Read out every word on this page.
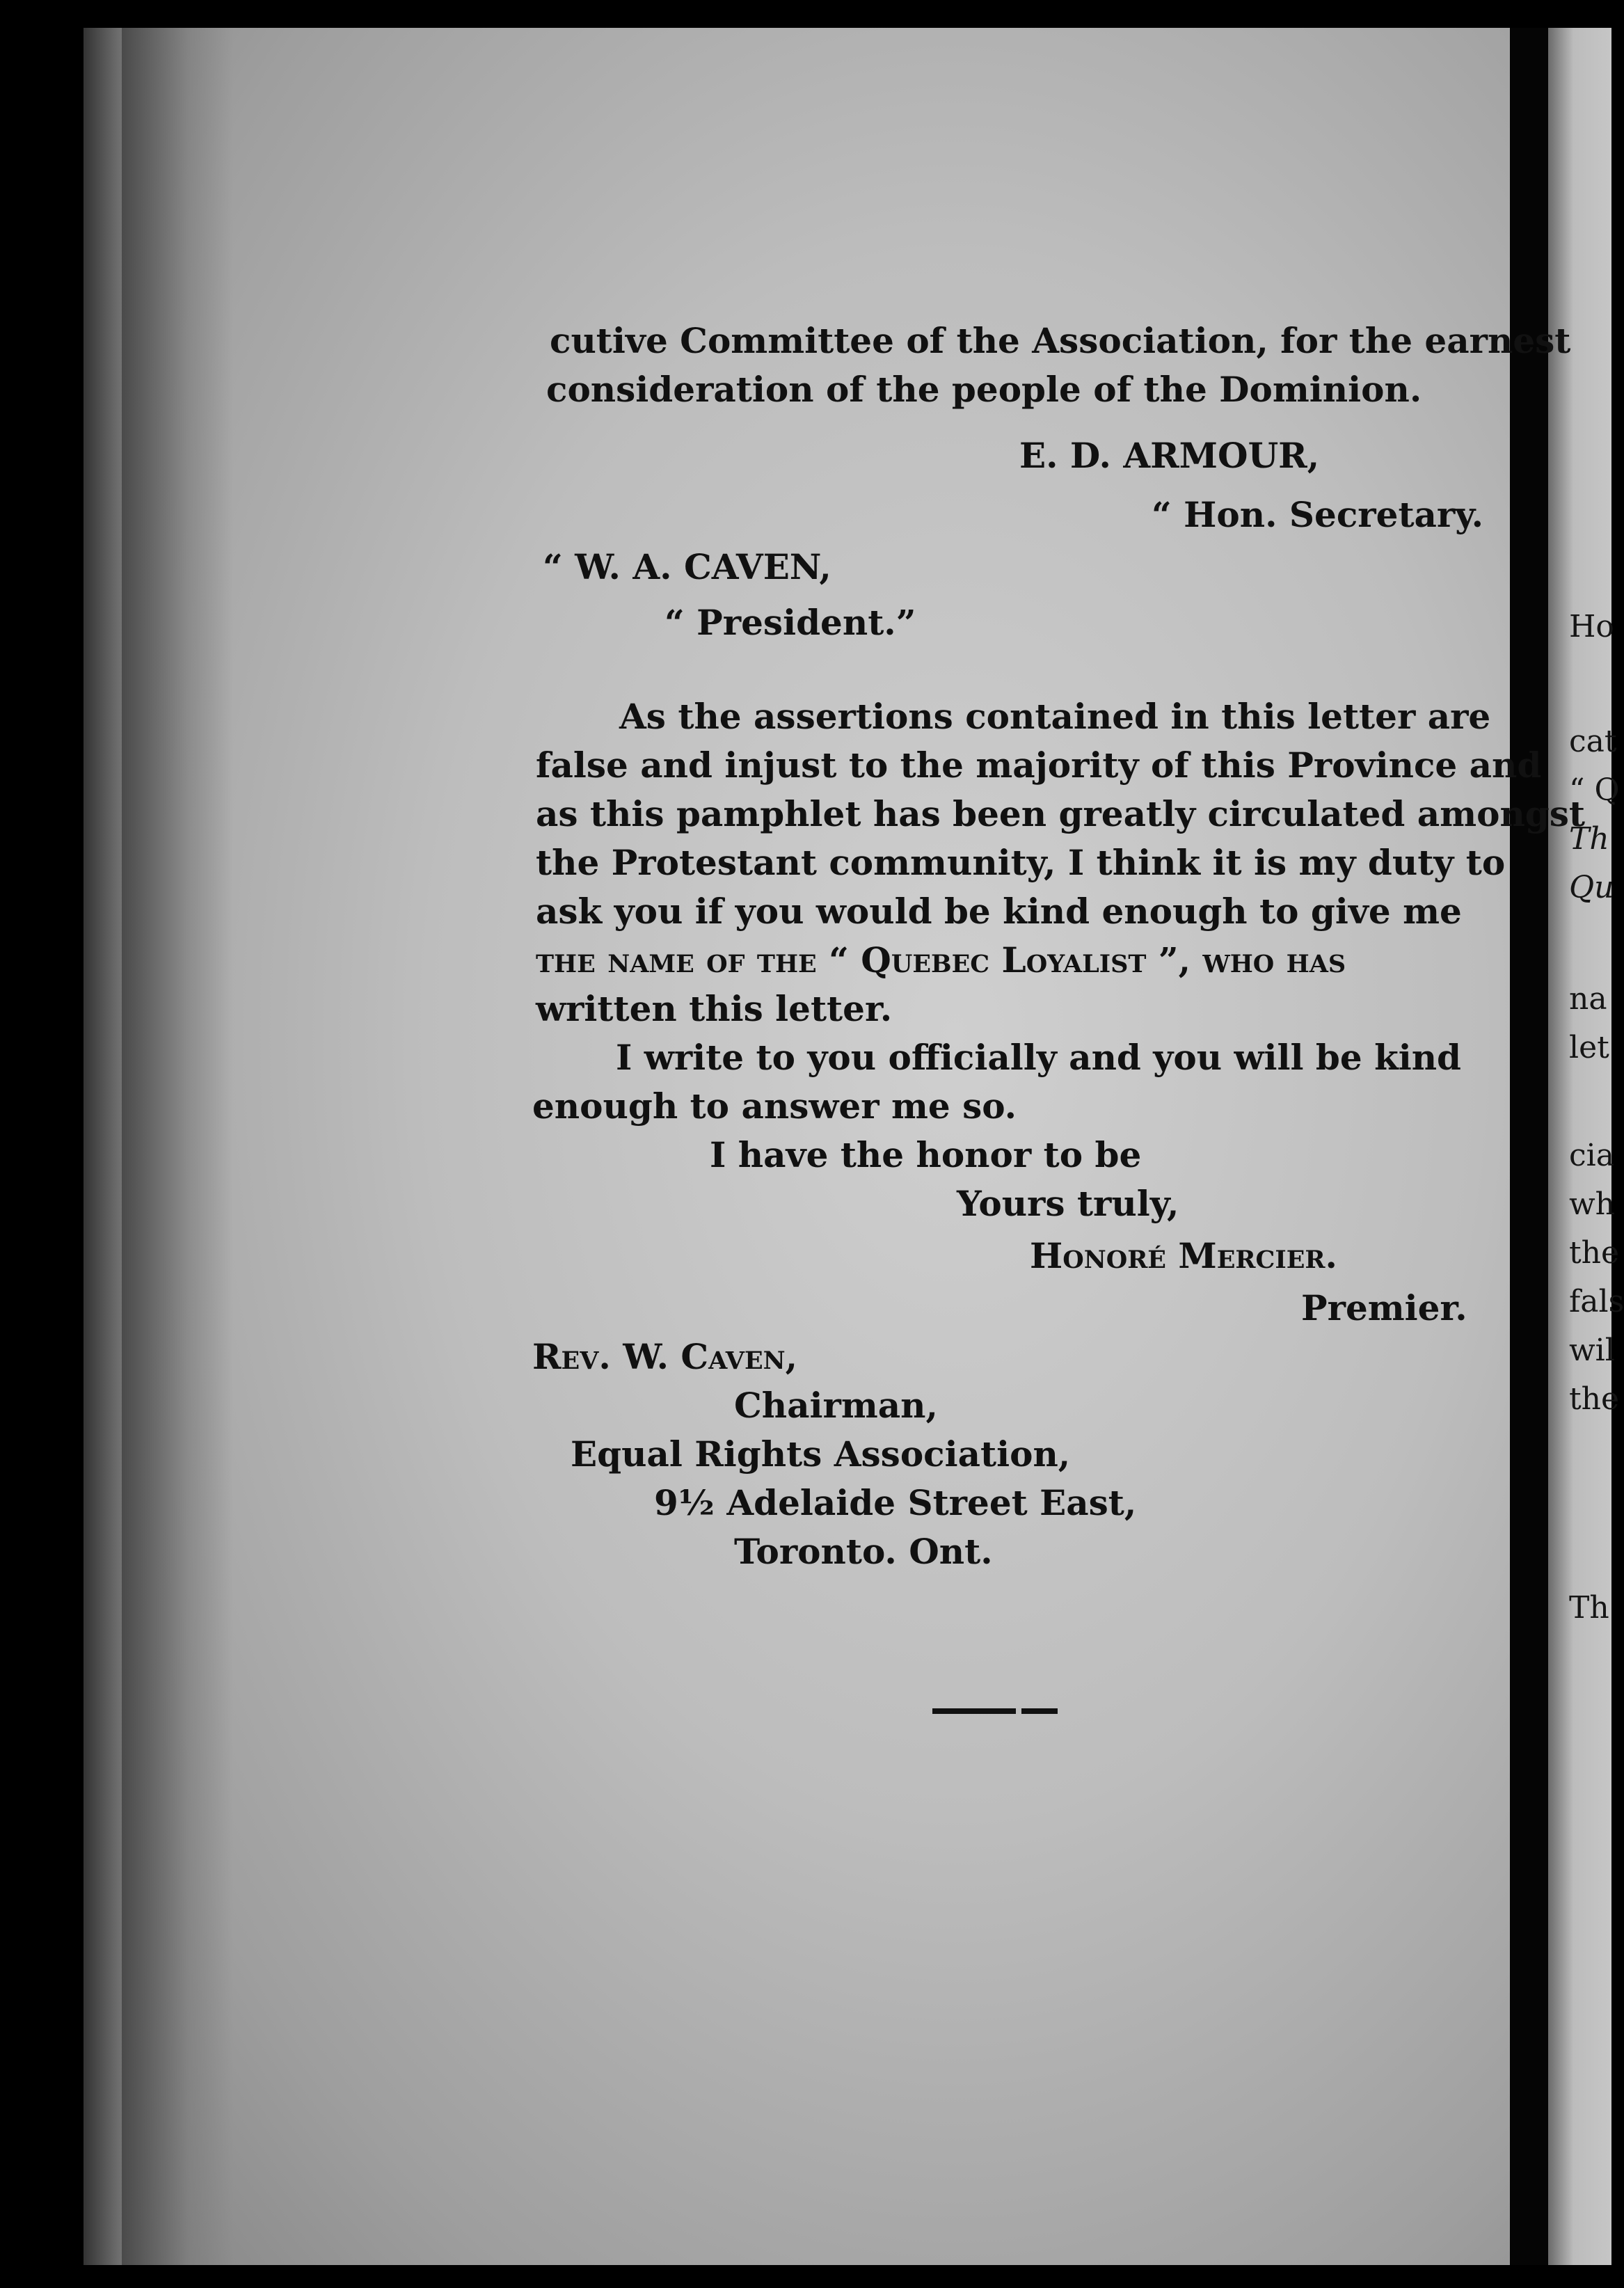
Ho
cat
“ Q
Th
Qu
na
let
cia
wh
the
fals
wil
the
Th
cutive Committee of the Association, for the earnest
consideration of the people of the Dominion.
E. D. ARMOUR,
“ Hon. Secretary.
“ W. A. CAVEN,
“ President.”
As the assertions contained in this letter are
false and injust to the majority of this Province and
as this pamphlet has been greatly circulated amongst
the Protestant community, I think it is my duty to
ask you if you would be kind enough to give me
the name of the “ Quebec Loyalist ”, who has
written this letter.
I write to you officially and you will be kind
enough to answer me so.
I have the honor to be
Yours truly,
Honoré Mercier.
Premier.
Rev. W. Caven,
Chairman,
Equal Rights Association,
9½ Adelaide Street East,
Toronto. Ont.
